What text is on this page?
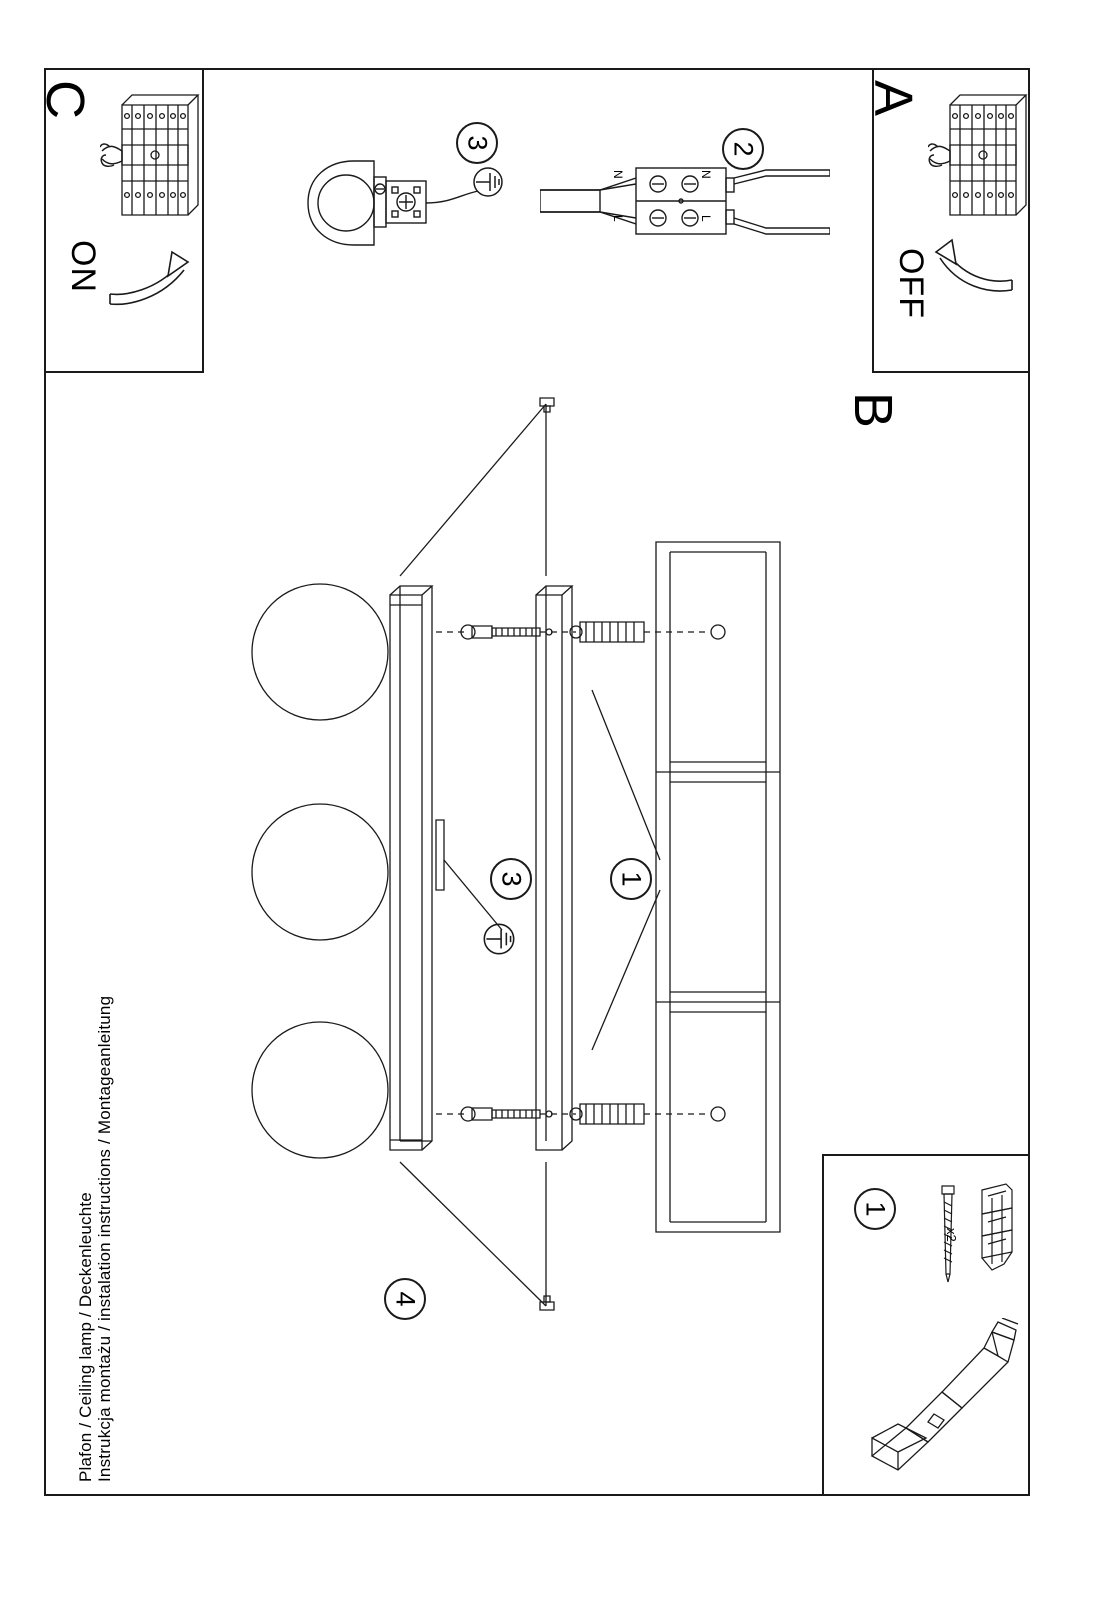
C
ON
A
OFF
B
2
N	N
L	L
3
1
3
4
1
x2
Instrukcja montażu / instalation instructions / Montageanleitung
Plafon / Ceiling lamp / Deckenleuchte
